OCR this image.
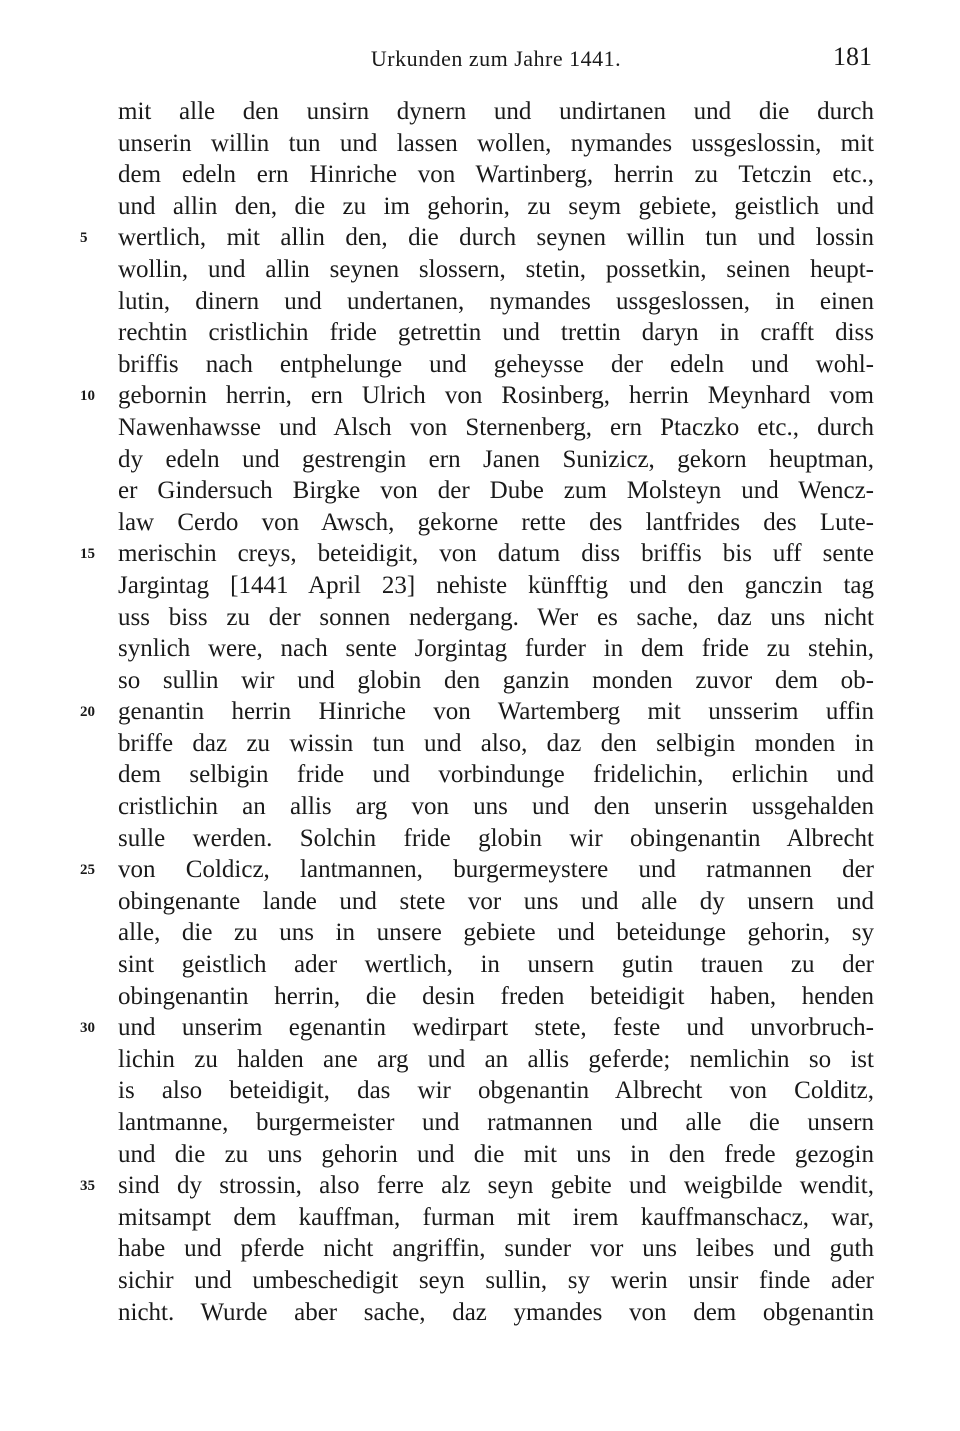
Urkunden zum Jahre 1441.	181
mit alle den unsirn dynern und undirtanen und die durch
unserin willin tun und lassen wollen, nymandes ussgeslossin, mit
dem edeln ern Hinriche von Wartinberg, herrin zu Tetczin etc.,
und allin den, die zu im gehorin, zu seym gebiete, geistlich und
5	wertlich, mit allin den, die durch seynen willin tun und lossin
wollin, und allin seynen slossern, stetin, possetkin, seinen heupt-
lutin, dinern und undertanen, nymandes ussgeslossen, in einen
rechtin cristlichin fride getrettin und trettin daryn in crafft diss
briffis nach entphelunge und geheysse der edeln und wohl-
10 gebornin herrin, ern Ulrich von Rosinberg, herrin Meynhard vom
Nawenhawsse und Alsch von Sternenberg, ern Ptaczko etc., durch
dy edeln und gestrengin ern Janen Sunizicz, gekorn heuptman,
er Gindersuch Birgke von der Dube zum Molsteyn und Wencz-
law Cerdo von Awsch, gekorne rette des lantfrides des Lute-
15 merischin creys, beteidigit, von datum diss briffis bis uff sente
Jargintag [1441 April 23] nehiste künfftig und den ganczin tag
uss biss zu der sonnen nedergang. Wer es sache, daz uns nicht
synlich were, nach sente Jorgintag furder in dem fride zu stehin,
so sullin wir und globin den ganzin monden zuvor dem ob-
20 genantin herrin Hinriche von Wartemberg mit unsserim uffin
briffe daz zu wissin tun und also, daz den selbigin monden in
dem selbigin fride und vorbindunge fridelichin, erlichin und
cristlichin an allis arg von uns und den unserin ussgehalden
sulle werden. Solchin fride globin wir obingenantin Albrecht
25 von Coldicz, lantmannen, burgermeystere und ratmannen der
obingenante lande und stete vor uns und alle dy unsern und
alle, die zu uns in unsere gebiete und beteidunge gehorin, sy
sint geistlich ader wertlich, in unsern gutin trauen zu der
obingenantin herrin, die desin freden beteidigit haben, henden
30 und unserim egenantin wedirpart stete, feste und unvorbruch-
lichin zu halden ane arg und an allis geferde; nemlichin so ist
is also beteidigit, das wir obgenantin Albrecht von Colditz,
lantmanne, burgermeister und ratmannen und alle die unsern
und die zu uns gehorin und die mit uns in den frede gezogin
35 sind dy strossin, also ferre alz seyn gebite und weigbilde wendit,
mitsampt dem kauffman, furman mit irem kauffmanschacz, war,
habe und pferde nicht angriffin, sunder vor uns leibes und guth
sichir und umbeschedigit seyn sullin, sy werin unsir finde ader
nicht. Wurde aber sache, daz ymandes von dem obgenantin
